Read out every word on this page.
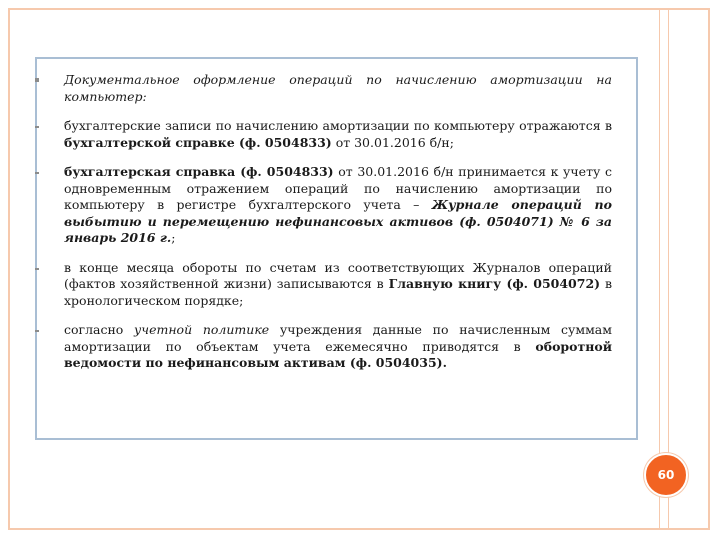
Документальное оформление операций по начислению амортизации на компьютер:
бухгалтерские записи по начислению амортизации по компьютеру отражаются в бухгалтерской справке (ф. 0504833) от 30.01.2016 б/н;
бухгалтерская справка (ф. 0504833) от 30.01.2016 б/н принимается к учету с одновременным отражением операций по начислению амортизации по компьютеру в регистре бухгалтерского учета – Журнале операций по выбытию и перемещению нефинансовых активов (ф. 0504071) № 6 за январь 2016 г.;
в конце месяца обороты по счетам из соответствующих Журналов операций (фактов хозяйственной жизни) записываются в Главную книгу (ф. 0504072) в хронологическом порядке;
согласно учетной политике учреждения данные по начисленным суммам амортизации по объектам учета ежемесячно приводятся в оборотной ведомости по нефинансовым активам (ф. 0504035).
60
